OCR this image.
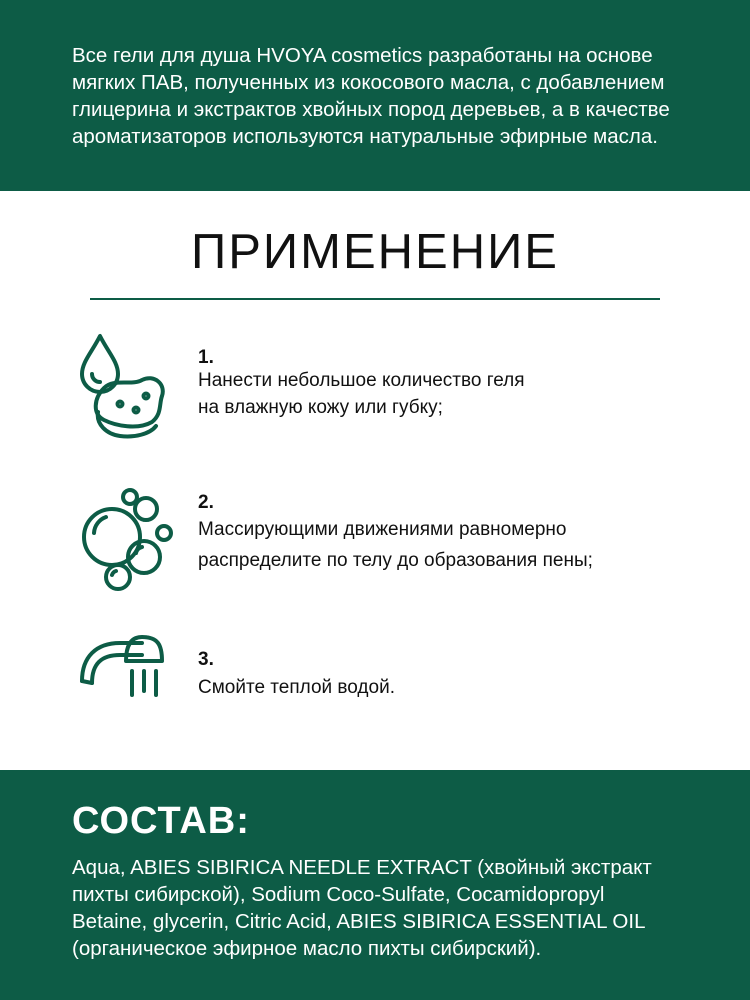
Все гели для душа HVOYA cosmetics разработаны на основе
мягких ПАВ, полученных из кокосового масла, с добавлением
глицерина и экстрактов хвойных пород деревьев, а в качестве
ароматизаторов используются натуральные эфирные масла.

ПРИМЕНЕНИЕ

1.

Нанести небольшое количество геля
на влажную кожу или губку;

2.

Массирующими движениями равномерно
распределите по телу до образования пены;

3.

Смойте теплой водой.

СОСТАВ:

Aqua, ABIES SIBIRICA NEEDLE EXTRACT (хвойный экстракт
пихты сибирской), Sodium Coco-Sulfate, Cocamidopropyl
Betaine, glycerin, Citric Acid, ABIES SIBIRICA ESSENTIAL OIL
(органическое эфирное масло пихты сибирский).
